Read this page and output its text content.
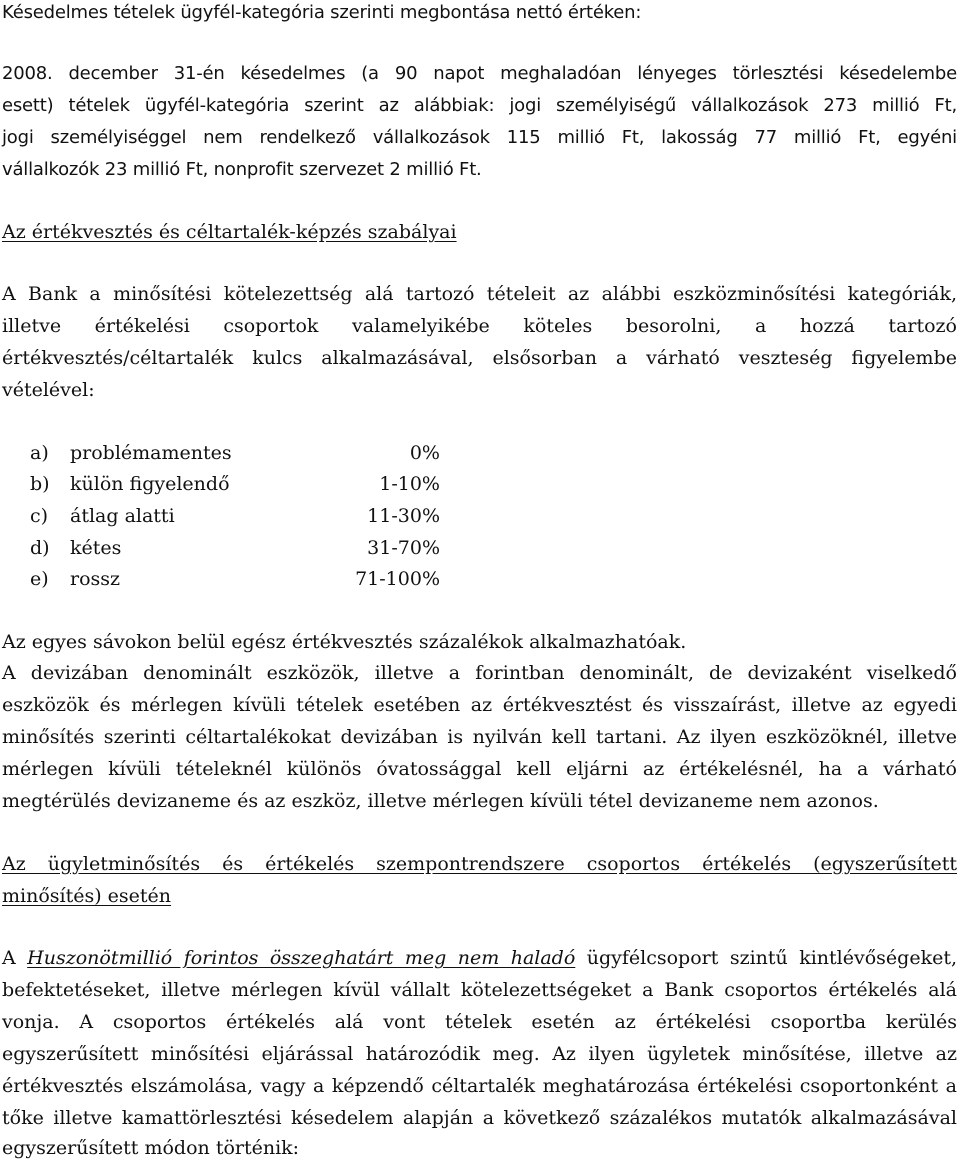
Késedelmes tételek ügyfél-kategória szerinti megbontása nettó értéken:
2008. december 31-én késedelmes (a 90 napot meghaladóan lényeges törlesztési késedelembe
esett) tételek ügyfél-kategória szerint az alábbiak: jogi személyiségű vállalkozások 273 millió Ft,
jogi személyiséggel nem rendelkező vállalkozások 115 millió Ft, lakosság 77 millió Ft, egyéni
vállalkozók 23 millió Ft, nonprofit szervezet 2 millió Ft.
Az értékvesztés és céltartalék-képzés szabályai
A Bank a minősítési kötelezettség alá tartozó tételeit az alábbi eszközminősítési kategóriák,
illetve értékelési csoportok valamelyikébe köteles besorolni, a hozzá tartozó
értékvesztés/céltartalék kulcs alkalmazásával, elsősorban a várható veszteség figyelembe
vételével:
a) problémamentes	0%
b) külön figyelendő	1-10%
c) átlag alatti	11-30%
d) kétes	31-70%
e) rossz	71-100%
Az egyes sávokon belül egész értékvesztés százalékok alkalmazhatóak.
A devizában denominált eszközök, illetve a forintban denominált, de devizaként viselkedő
eszközök és mérlegen kívüli tételek esetében az értékvesztést és visszaírást, illetve az egyedi
minősítés szerinti céltartalékokat devizában is nyilván kell tartani. Az ilyen eszközöknél, illetve
mérlegen kívüli tételeknél különös óvatossággal kell eljárni az értékelésnél, ha a várható
megtérülés devizaneme és az eszköz, illetve mérlegen kívüli tétel devizaneme nem azonos.
Az ügyletminősítés és értékelés szempontrendszere csoportos értékelés (egyszerűsített
minősítés) esetén
A Huszonötmillió forintos összeghatárt meg nem haladó ügyfélcsoport szintű kintlévőségeket,
befektetéseket, illetve mérlegen kívül vállalt kötelezettségeket a Bank csoportos értékelés alá
vonja. A csoportos értékelés alá vont tételek esetén az értékelési csoportba kerülés
egyszerűsített minősítési eljárással határozódik meg. Az ilyen ügyletek minősítése, illetve az
értékvesztés elszámolása, vagy a képzendő céltartalék meghatározása értékelési csoportonként a
tőke illetve kamattörlesztési késedelem alapján a következő százalékos mutatók alkalmazásával
egyszerűsített módon történik:
